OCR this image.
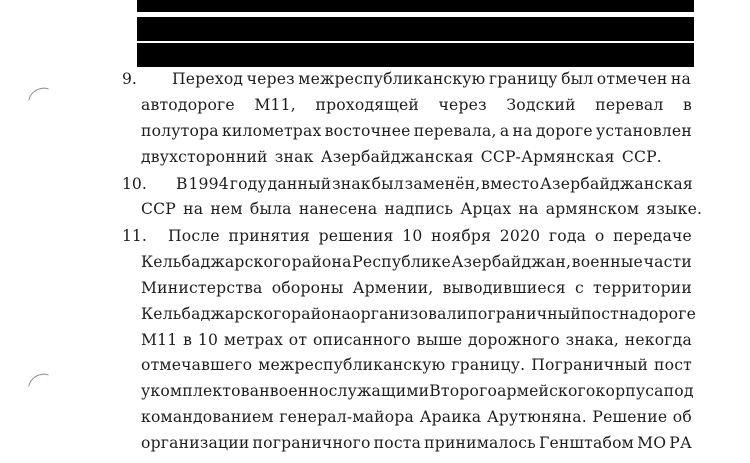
9. Переход через межреспубликанскую границу был отмечен на
автодороге М11, проходящей через Зодский перевал в
полутора километрах восточнее перевала, а на дороге установлен
двухсторонний знак Азербайджанская ССР-Армянская ССР.
10. В 1994 году данный знак был заменён, вместо Азербайджанская
ССР на нем была нанесена надпись Арцах на армянском языке.
11. После принятия решения 10 ноября 2020 года о передаче
Кельбаджарского района Республике Азербайджан, военные части
Министерства обороны Армении, выводившиеся с территории
Кельбаджарского района организовали пограничный пост на дороге
М11 в 10 метрах от описанного выше дорожного знака, некогда
отмечавшего межреспубликанскую границу. Пограничный пост
укомплектован военнослужащими Второго армейского корпуса под
командованием генерал-майора Араика Арутюняна. Решение об
организации пограничного поста принималось Генштабом МО РА
